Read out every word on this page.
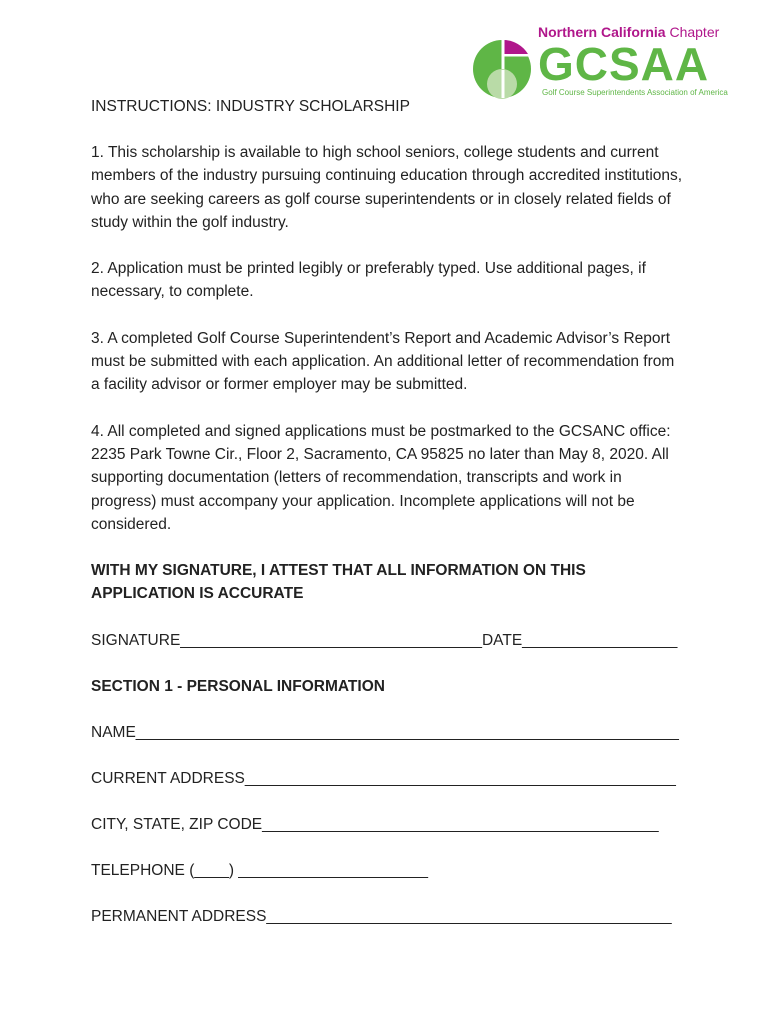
Northern California Chapter
GCSAA
Golf Course Superintendents Association of America
INSTRUCTIONS: INDUSTRY SCHOLARSHIP

1. This scholarship is available to high school seniors, college students and current members of the industry pursuing continuing education through accredited institutions, who are seeking careers as golf course superintendents or in closely related fields of study within the golf industry.

2. Application must be printed legibly or preferably typed. Use additional pages, if necessary, to complete.

3. A completed Golf Course Superintendent’s Report and Academic Advisor’s Report must be submitted with each application. An additional letter of recommendation from a facility advisor or former employer may be submitted.

4. All completed and signed applications must be postmarked to the GCSANC office: 2235 Park Towne Cir., Floor 2, Sacramento, CA 95825 no later than May 8, 2020. All supporting documentation (letters of recommendation, transcripts and work in progress) must accompany your application. Incomplete applications will not be considered.

WITH MY SIGNATURE, I ATTEST THAT ALL INFORMATION ON THIS APPLICATION IS ACCURATE

SIGNATURE___________________________________DATE__________________

SECTION 1 - PERSONAL INFORMATION

NAME_______________________________________________________________
CURRENT ADDRESS__________________________________________________
CITY, STATE, ZIP CODE______________________________________________
TELEPHONE (____) ______________________
PERMANENT ADDRESS_______________________________________________
